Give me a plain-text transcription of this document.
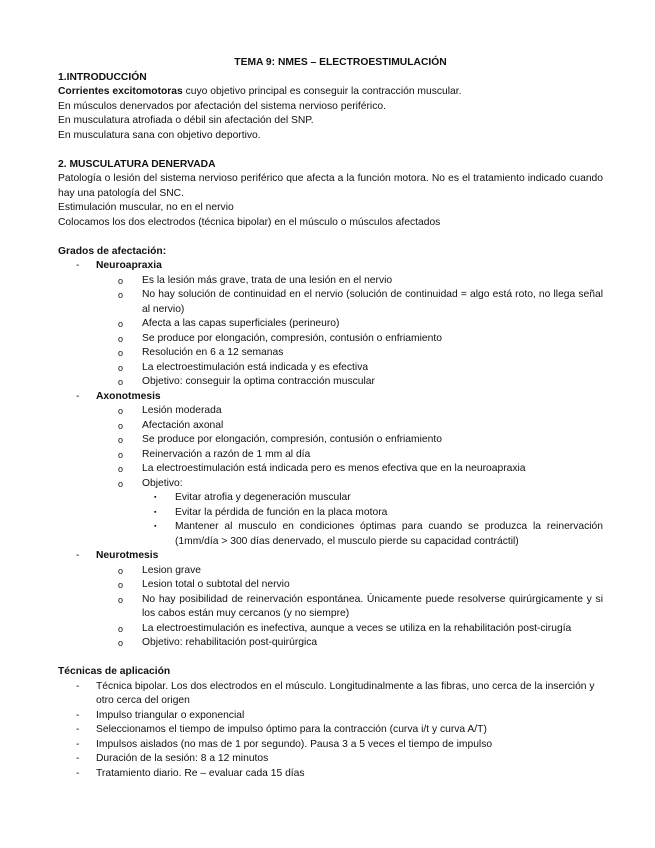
TEMA 9: NMES – ELECTROESTIMULACIÓN
1.INTRODUCCIÓN

Corrientes excitomotoras cuyo objetivo principal es conseguir la contracción muscular.

En músculos denervados por afectación del sistema nervioso periférico.

En musculatura atrofiada o débil sin afectación del SNP.

En musculatura sana con objetivo deportivo.

2. MUSCULATURA DENERVADA

Patología o lesión del sistema nervioso periférico que afecta a la función motora. No es el tratamiento indicado cuando hay una patología del SNC.

Estimulación muscular, no en el nervio

Colocamos los dos electrodos (técnica bipolar) en el músculo o músculos afectados

Grados de afectación:
- Neuroapraxia
o Es la lesión más grave, trata de una lesión en el nervio
o No hay solución de continuidad en el nervio (solución de continuidad = algo está roto, no llega señal al nervio)
o Afecta a las capas superficiales (perineuro)
o Se produce por elongación, compresión, contusión o enfriamiento
o Resolución en 6 a 12 semanas
o La electroestimulación está indicada y es efectiva
o Objetivo: conseguir la optima contracción muscular
- Axonotmesis
o Lesión moderada
o Afectación axonal
o Se produce por elongación, compresión, contusión o enfriamiento
o Reinervación a razón de 1 mm al día
o La electroestimulación está indicada pero es menos efectiva que en la neuroapraxia
o Objetivo:
▪ Evitar atrofia y degeneración muscular
▪ Evitar la pérdida de función en la placa motora
▪ Mantener al musculo en condiciones óptimas para cuando se produzca la reinervación (1mm/día > 300 días denervado, el musculo pierde su capacidad contráctil)
- Neurotmesis
o Lesion grave
o Lesion total o subtotal del nervio
o No hay posibilidad de reinervación espontánea. Únicamente puede resolverse quirúrgicamente y si los cabos están muy cercanos (y no siempre)
o La electroestimulación es inefectiva, aunque a veces se utiliza en la rehabilitación post-cirugía
o Objetivo: rehabilitación post-quirúrgica
Técnicas de aplicación
- Técnica bipolar. Los dos electrodos en el músculo. Longitudinalmente a las fibras, uno cerca de la inserción y otro cerca del origen
- Impulso triangular o exponencial
- Seleccionamos el tiempo de impulso óptimo para la contracción (curva i/t y curva A/T)
- Impulsos aislados (no mas de 1 por segundo). Pausa 3 a 5 veces el tiempo de impulso
- Duración de la sesión: 8 a 12 minutos
- Tratamiento diario. Re – evaluar cada 15 días
